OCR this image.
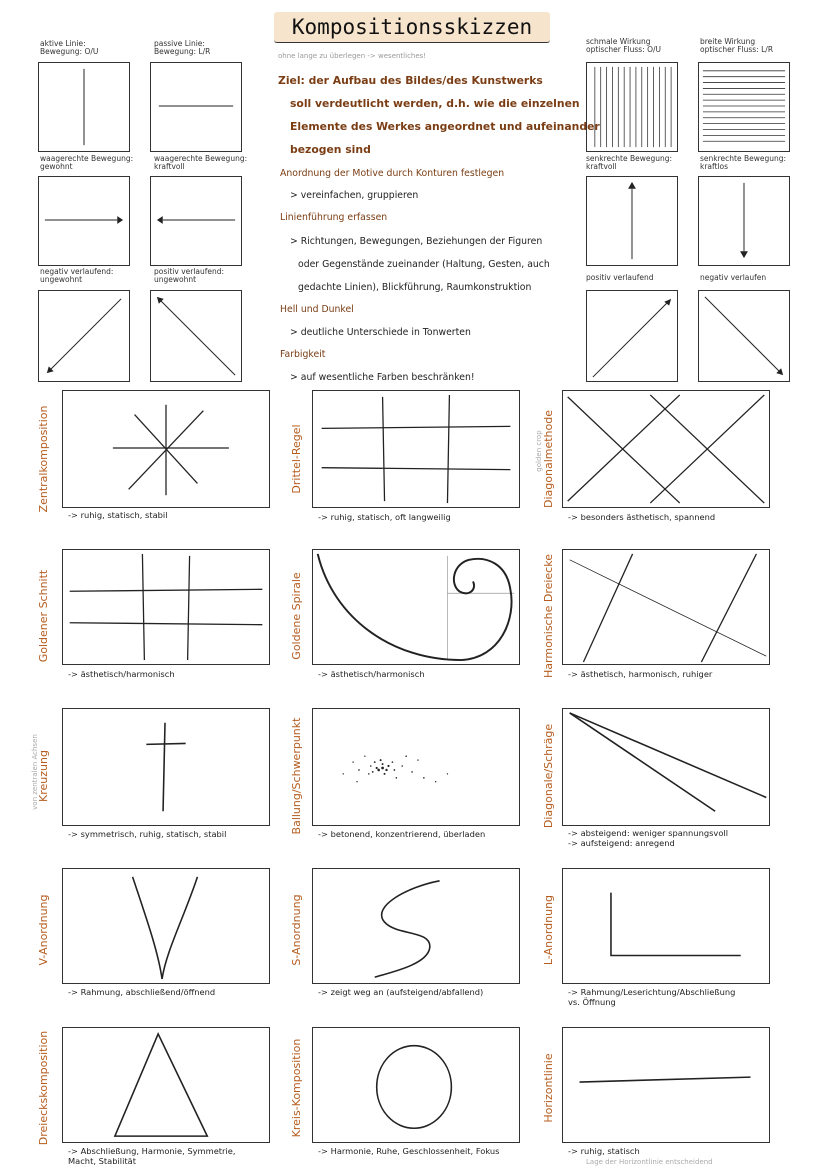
Kompositionsskizzen
aktive Linie:
Bewegung: O/U
passive Linie:
Bewegung: L/R
waagerechte Bewegung:
gewohnt
waagerechte Bewegung:
kraftvoll
negativ verlaufend:
ungewohnt
positiv verlaufend:
ungewohnt
schmale Wirkung
optischer Fluss: O/U
breite Wirkung
optischer Fluss: L/R
senkrechte Bewegung:
kraftvoll
senkrechte Bewegung:
kraftlos
positiv verlaufend	negativ verlaufen
ohne lange zu überlegen -> wesentliches!
Ziel: der Aufbau des Bildes/des Kunstwerks
soll verdeutlicht werden, d.h. wie die einzelnen
Elemente des Werkes angeordnet und aufeinander
bezogen sind
Anordnung der Motive durch Konturen festlegen
> vereinfachen, gruppieren
Linienführung erfassen
> Richtungen, Bewegungen, Beziehungen der Figuren
oder Gegenstände zueinander (Haltung, Gesten, auch
gedachte Linien), Blickführung, Raumkonstruktion
Hell und Dunkel
> deutliche Unterschiede in Tonwerten
Farbigkeit
> auf wesentliche Farben beschränken!
Zentralkomposition
-> ruhig, statisch, stabil
Drittel-Regel
-> ruhig, statisch, oft langweilig
golden crop Diagonalmethode
-> besonders ästhetisch, spannend
Goldener Schnitt
-> ästhetisch/harmonisch
Goldene Spirale
-> ästhetisch/harmonisch	Harmonische Dreiecke	-> ästhetisch, harmonisch, ruhiger
von zentralen Achsen
Kreuzung
-> symmetrisch, ruhig, statisch, stabil	Ballung/Schwerpunkt	-> betonend, konzentrierend, überladen
Diagonale/Schräge
-> absteigend: weniger spannungsvoll
-> aufsteigend: anregend
V-Anordnung
-> Rahmung, abschließend/öffnend
S-Anordnung
-> zeigt weg an (aufsteigend/abfallend)
L-Anordnung
-> Rahmung/Leserichtung/Abschließung
vs. Öffnung
Dreieckskomposition
-> Abschließung, Harmonie, Symmetrie,
Macht, Stabilität
Kreis-Komposition
-> Harmonie, Ruhe, Geschlossenheit, Fokus
Horizontlinie
-> ruhig, statisch
Lage der Horizontlinie entscheidend
